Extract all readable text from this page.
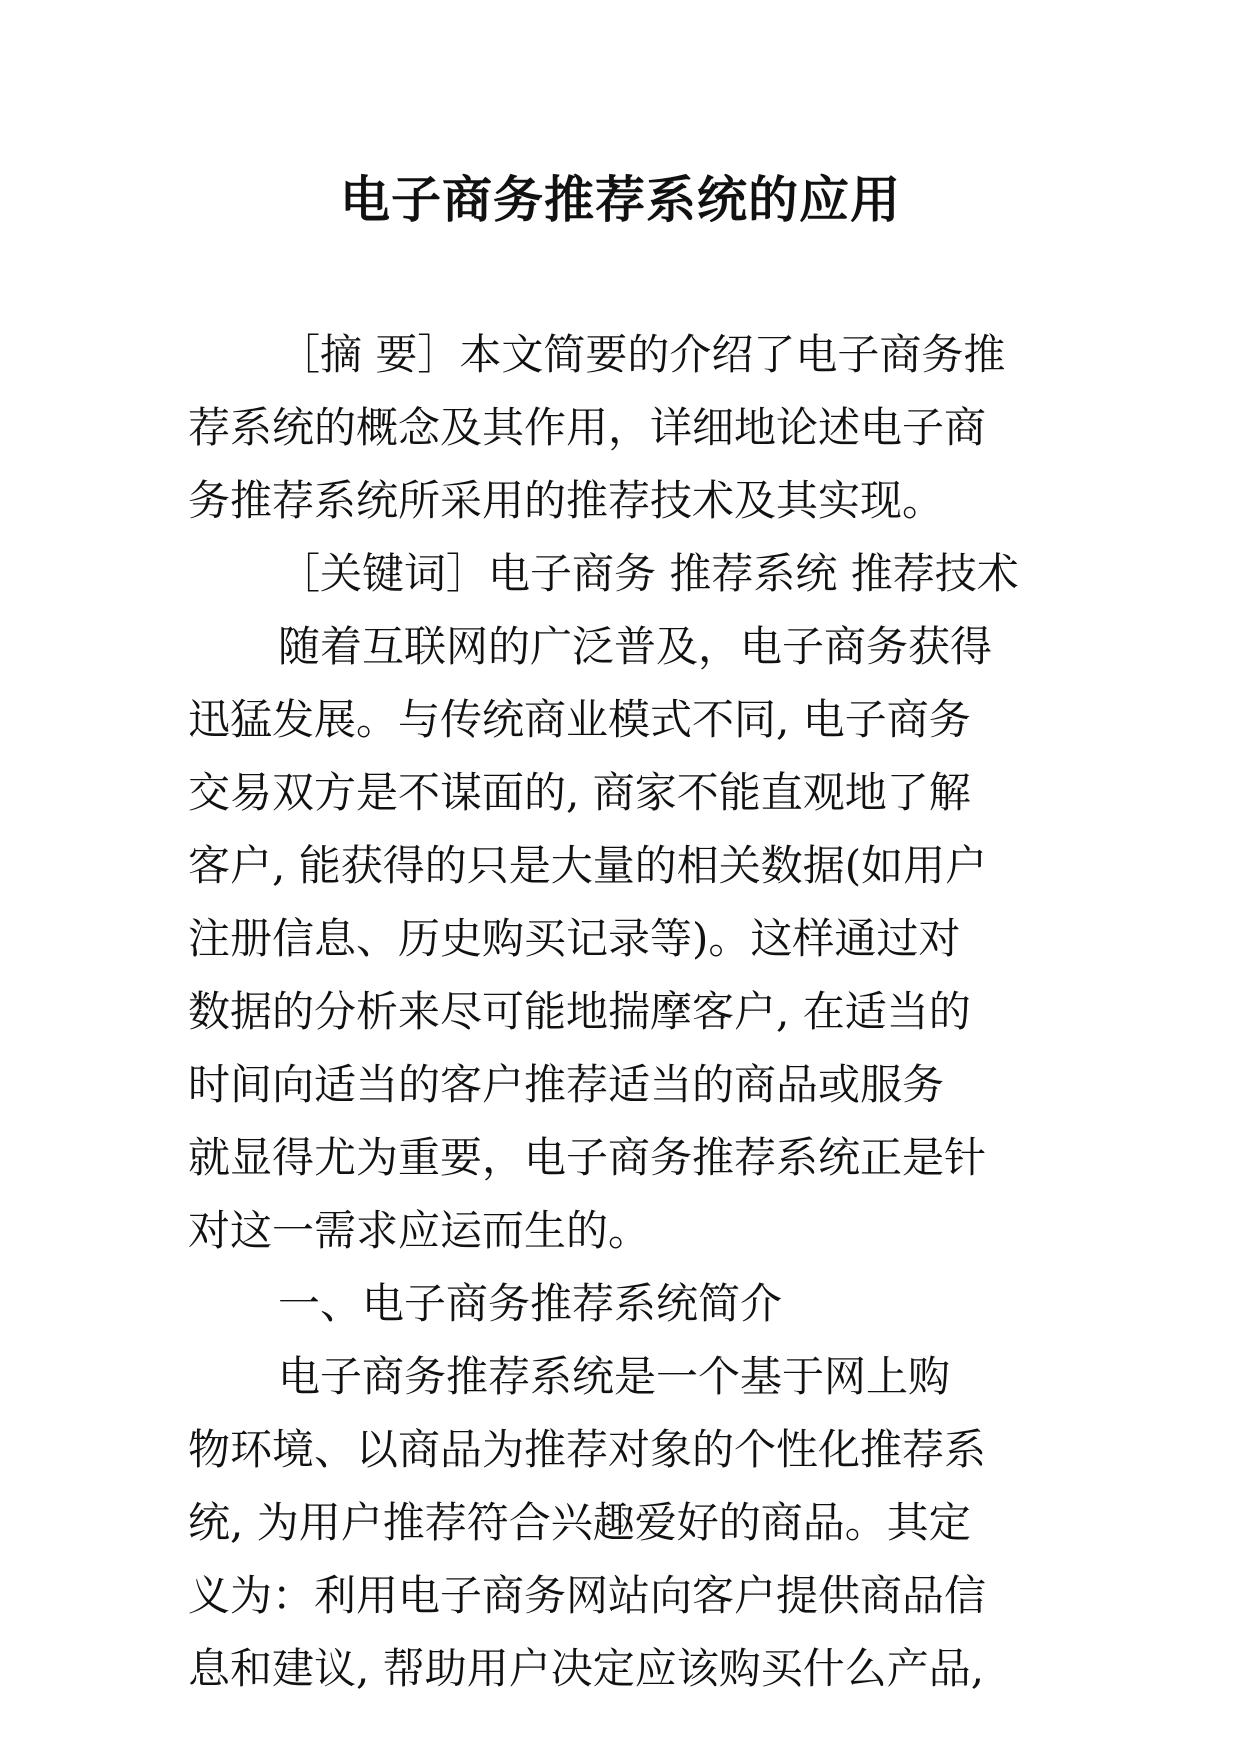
电子商务推荐系统的应用
［摘 要］本文简要的介绍了电子商务推
荐系统的概念及其作用，详细地论述电子商
务推荐系统所采用的推荐技术及其实现。
［关键词］电子商务 推荐系统 推荐技术
随着互联网的广泛普及，电子商务获得
迅猛发展。与传统商业模式不同, 电子商务
交易双方是不谋面的, 商家不能直观地了解
客户, 能获得的只是大量的相关数据(如用户
注册信息、历史购买记录等)。这样通过对
数据的分析来尽可能地揣摩客户, 在适当的
时间向适当的客户推荐适当的商品或服务
就显得尤为重要，电子商务推荐系统正是针
对这一需求应运而生的。
一、电子商务推荐系统简介
电子商务推荐系统是一个基于网上购
物环境、以商品为推荐对象的个性化推荐系
统, 为用户推荐符合兴趣爱好的商品。其定
义为：利用电子商务网站向客户提供商品信
息和建议, 帮助用户决定应该购买什么产品,
